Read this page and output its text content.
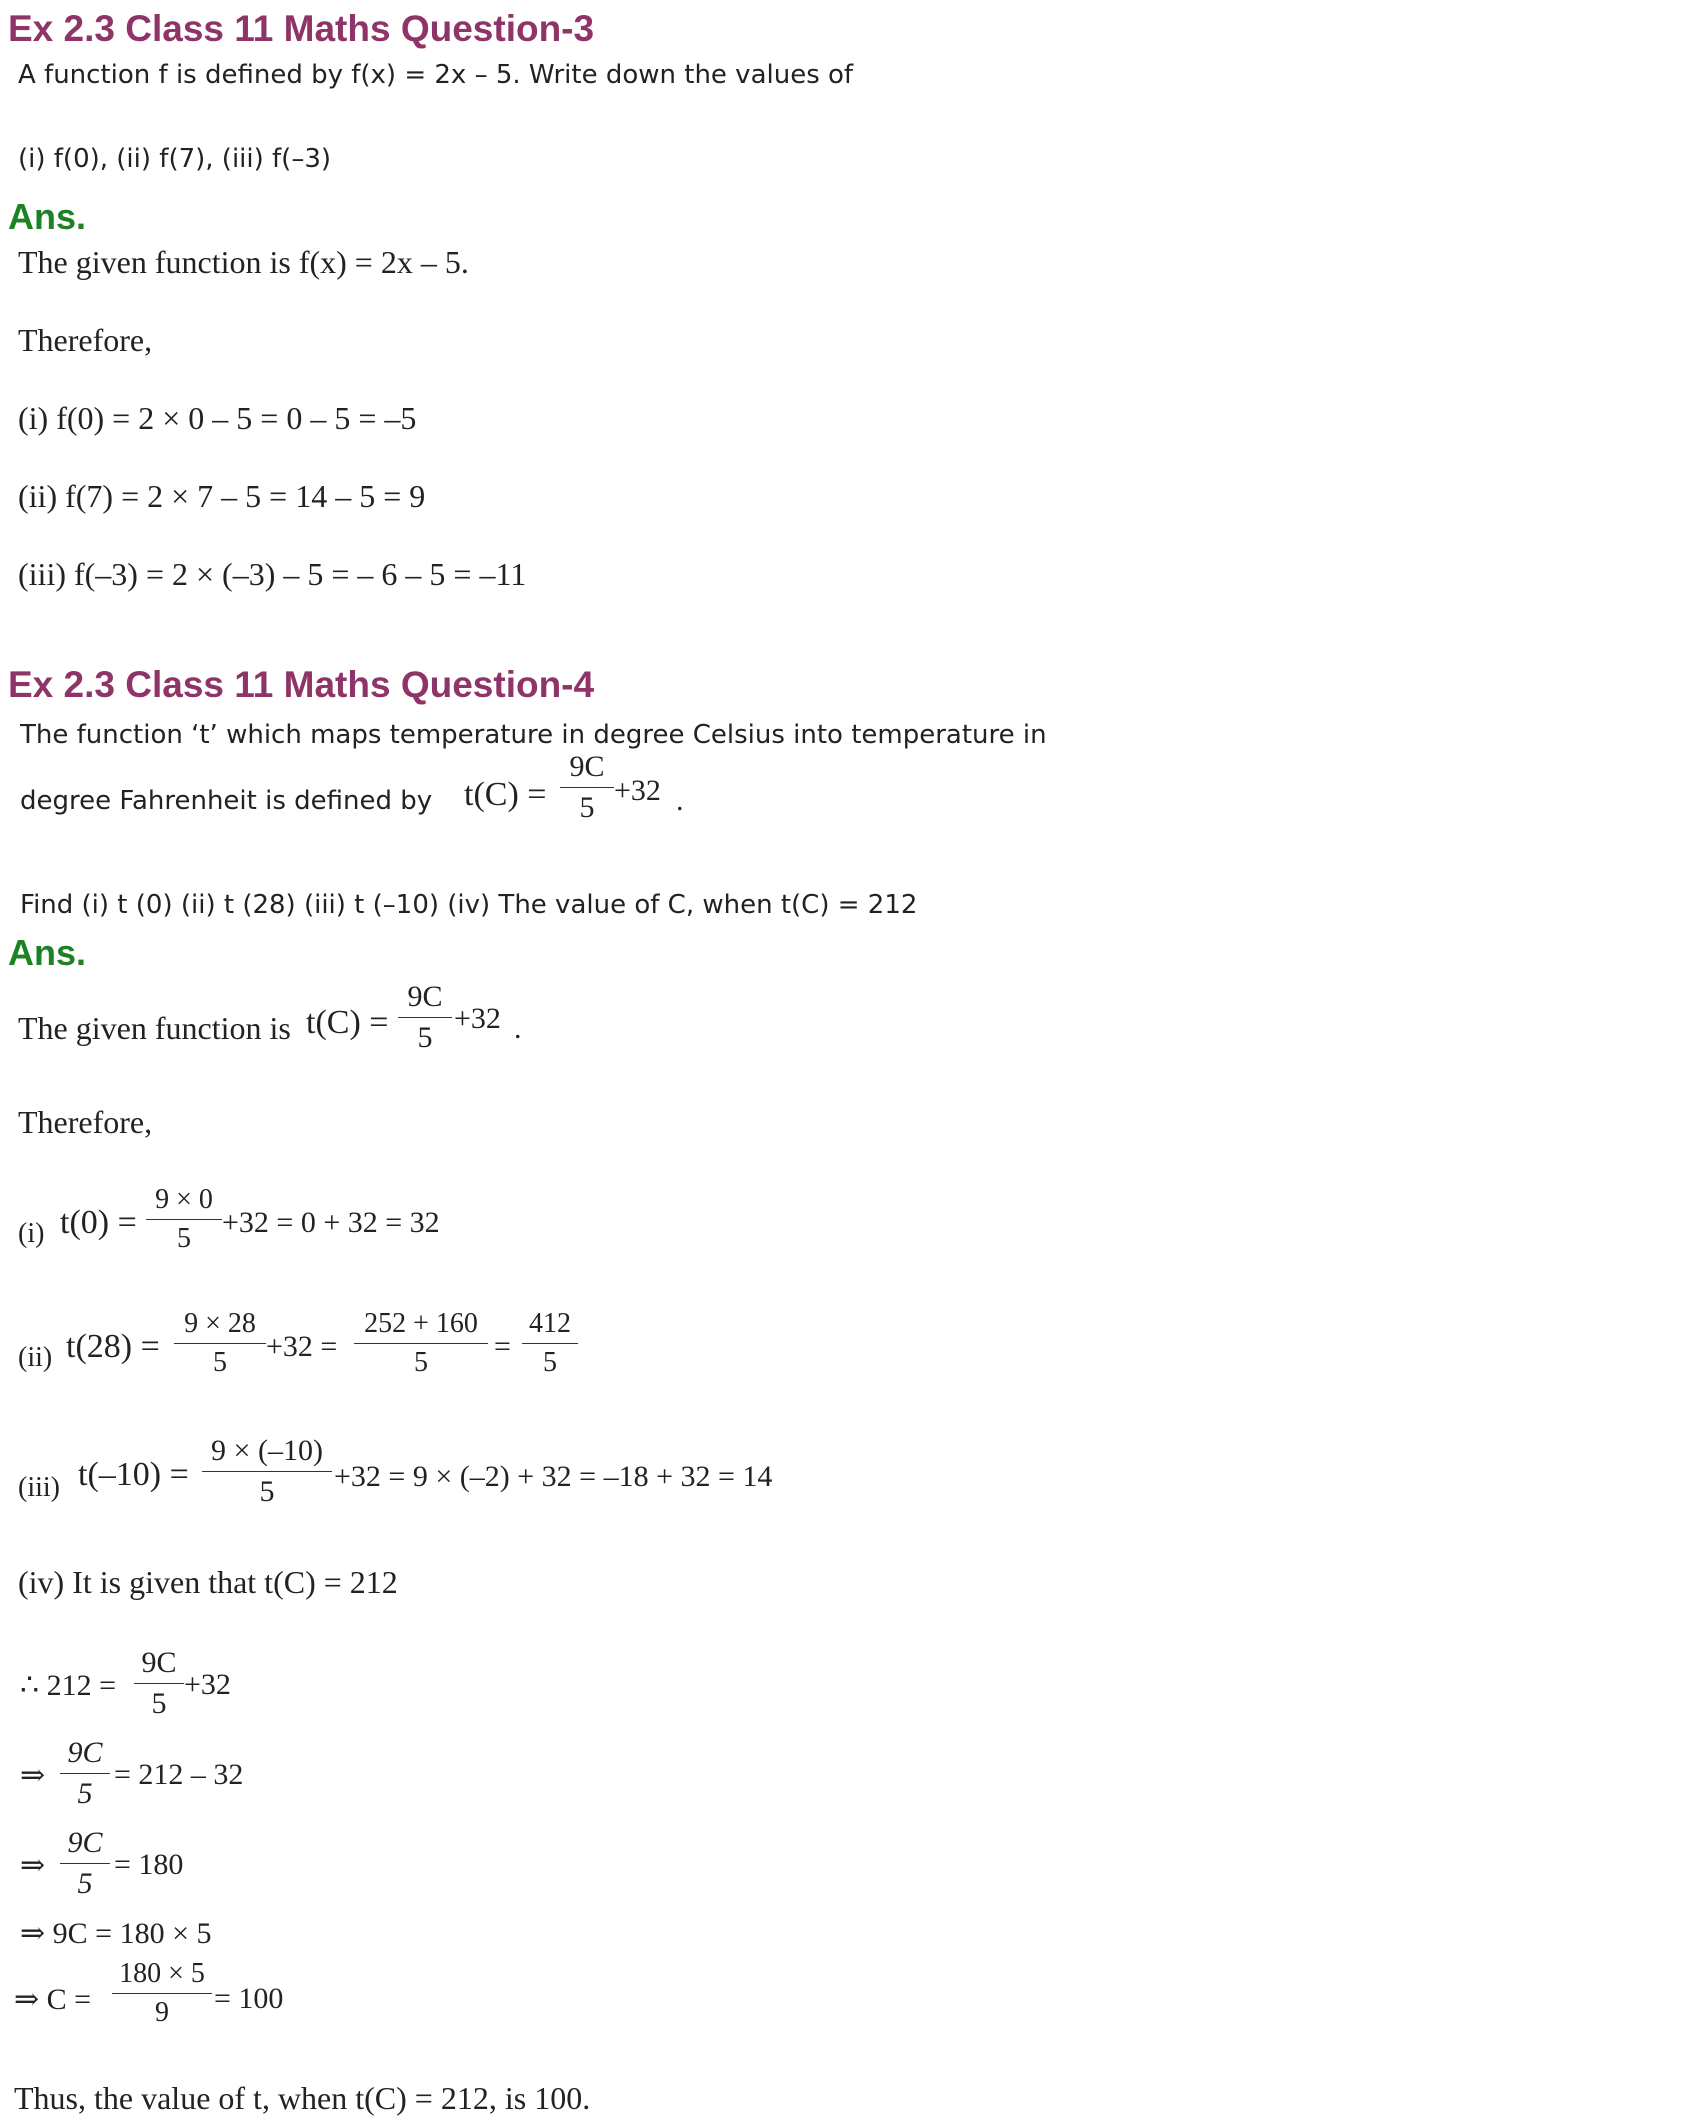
Ex 2.3 Class 11 Maths Question-3
A function f is defined by f(x) = 2x – 5. Write down the values of
(i) f(0), (ii) f(7), (iii) f(–3)
Ans.
The given function is f(x) = 2x – 5.
Therefore,
(i) f(0) = 2 × 0 – 5 = 0 – 5 = –5
(ii) f(7) = 2 × 7 – 5 = 14 – 5 = 9
(iii) f(–3) = 2 × (–3) – 5 = – 6 – 5 = –11
Ex 2.3 Class 11 Maths Question-4
The function ‘t’ which maps temperature in degree Celsius into temperature in
degree Fahrenheit is defined by t(C) =
9C
5
+32 .
Find (i) t (0) (ii) t (28) (iii) t (–10) (iv) The value of C, when t(C) = 212
Ans.
The given function is t(C) =
9C
5
+32 .
Therefore,
(i) t(0) =
9 × 0
5	+32 = 0 + 32 = 32
(ii) t(28) =
9 × 28
5	+32 =
252 + 160
5	=
412
5
(iii) t(–10) =
9 × (–10)
5	+32 = 9 × (–2) + 32 = –18 + 32 = 14
(iv) It is given that t(C) = 212
∴ 212 =
9C
5
+32
⇒
9C
5
= 212 – 32
⇒
9C
5
= 180
⇒ 9C = 180 × 5
⇒ C =
180 × 5
9	= 100
Thus, the value of t, when t(C) = 212, is 100.
